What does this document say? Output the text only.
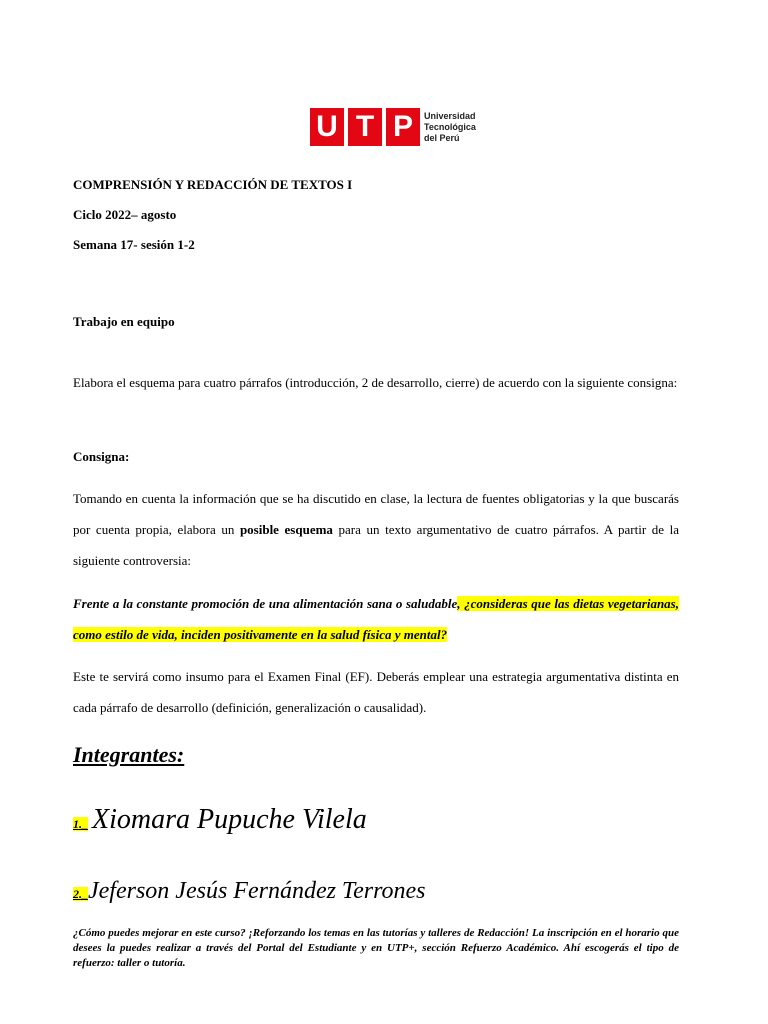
U T P	Universidad
Tecnológica
del Perú
COMPRENSIÓN Y REDACCIÓN DE TEXTOS I
Ciclo 2022– agosto
Semana 17- sesión 1-2
Trabajo en equipo
Elabora el esquema para cuatro párrafos (introducción, 2 de desarrollo, cierre) de acuerdo con la siguiente consigna:
Consigna:
Tomando en cuenta la información que se ha discutido en clase, la lectura de fuentes obligatorias y la que buscarás por cuenta propia, elabora un posible esquema para un texto argumentativo de cuatro párrafos. A partir de la siguiente controversia:
Frente a la constante promoción de una alimentación sana o saludable, ¿consideras que las dietas vegetarianas, como estilo de vida, inciden positivamente en la salud física y mental?
Este te servirá como insumo para el Examen Final (EF). Deberás emplear una estrategia argumentativa distinta en cada párrafo de desarrollo (definición, generalización o causalidad).
Integrantes:
1._ Xiomara Pupuche Vilela
2._Jeferson Jesús Fernández Terrones
¿Cómo puedes mejorar en este curso? ¡Reforzando los temas en las tutorías y talleres de Redacción! La inscripción en el horario que desees la puedes realizar a través del Portal del Estudiante y en UTP+, sección Refuerzo Académico. Ahí escogerás el tipo de refuerzo: taller o tutoría.
